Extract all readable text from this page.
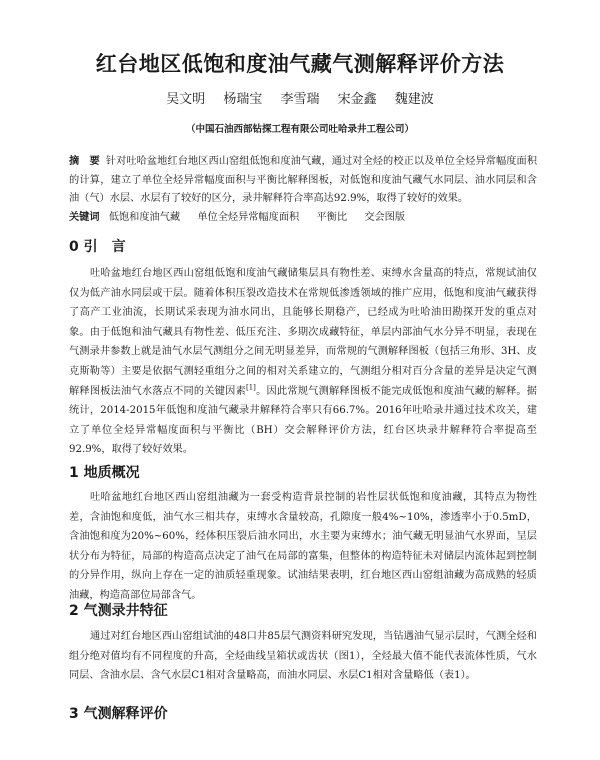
红台地区低饱和度油气藏气测解释评价方法
吴文明 杨瑞宝 李雪瑞 宋金鑫 魏建波
（中国石油西部钻探工程有限公司吐哈录井工程公司）
摘　要 针对吐哈盆地红台地区西山窑组低饱和度油气藏，通过对全烃的校正以及单位全烃异常幅度面积的计算，建立了单位全烃异常幅度面积与平衡比解释图板，对低饱和度油气藏气水同层、油水同层和含油（气）水层、水层有了较好的区分，录井解释符合率高达92.9%，取得了较好的效果。
关键词 低饱和度油气藏 单位全烃异常幅度面积 平衡比 交会图版
0 引　言

吐哈盆地红台地区西山窑组低饱和度油气藏储集层具有物性差、束缚水含量高的特点，常规试油仅仅为低产油水同层或干层。随着体积压裂改造技术在常规低渗透领域的推广应用，低饱和度油气藏获得了高产工业油流，长期试采表现为油水同出，且能够长期稳产，已经成为吐哈油田勘探开发的重点对象。由于低饱和油气藏具有物性差、低压充注、多期次成藏特征，单层内部油气水分异不明显，表现在气测录井参数上就是油气水层气测组分之间无明显差异，而常规的气测解释图板（包括三角形、3H、皮克斯勒等）主要是依据气测轻重组分之间的相对关系建立的，气测组分相对百分含量的差异是决定气测解释图板法油气水落点不同的关键因素[1]。因此常规气测解释图板不能完成低饱和度油气藏的解释。据统计，2014-2015年低饱和度油气藏录井解释符合率只有66.7%。2016年吐哈录井通过技术攻关，建立了单位全烃异常幅度面积与平衡比（BH）交会解释评价方法，红台区块录井解释符合率提高至92.9%，取得了较好效果。

1 地质概况

吐哈盆地红台地区西山窑组油藏为一套受构造背景控制的岩性层状低饱和度油藏，其特点为物性差，含油饱和度低，油气水三相共存，束缚水含量较高，孔隙度一般4%~10%，渗透率小于0.5mD，含油饱和度为20%~60%，经体积压裂后油水同出，水主要为束缚水；油气藏无明显油气水界面，呈层状分布为特征，局部的构造高点决定了油气在局部的富集，但整体的构造特征未对储层内流体起到控制的分异作用，纵向上存在一定的油质轻重现象。试油结果表明，红台地区西山窑组油藏为高成熟的轻质油藏，构造高部位局部含气。

2 气测录井特征

通过对红台地区西山窑组试油的48口井85层气测资料研究发现，当钻遇油气显示层时，气测全烃和组分绝对值均有不同程度的升高，全烃曲线呈箱状或齿状（图1），全烃最大值不能代表流体性质，气水同层、含油水层、含气水层C1相对含量略高，而油水同层、水层C1相对含量略低（表1）。

3 气测解释评价
